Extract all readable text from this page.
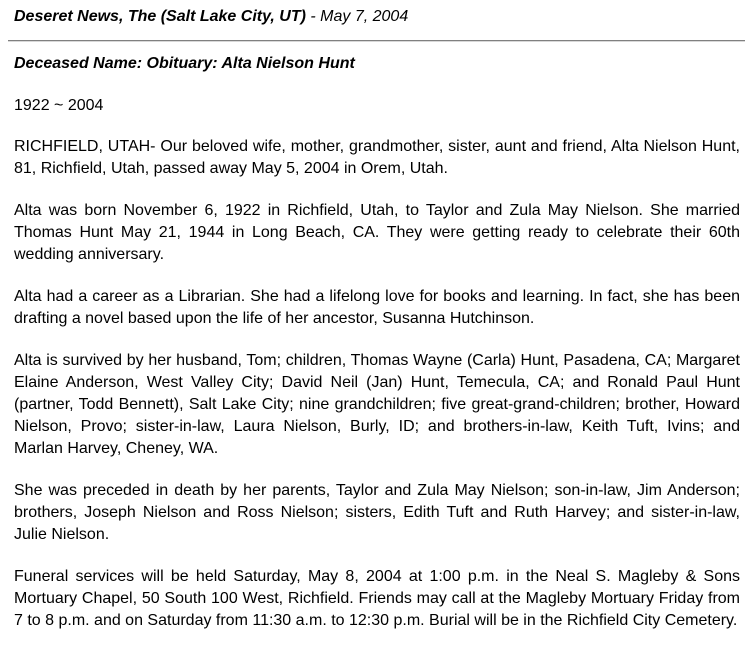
Deseret News, The (Salt Lake City, UT) - May 7, 2004

Deceased Name: Obituary: Alta Nielson Hunt

1922 ~ 2004

RICHFIELD, UTAH- Our beloved wife, mother, grandmother, sister, aunt and friend, Alta Nielson Hunt, 81, Richfield, Utah, passed away May 5, 2004 in Orem, Utah.

Alta was born November 6, 1922 in Richfield, Utah, to Taylor and Zula May Nielson. She married Thomas Hunt May 21, 1944 in Long Beach, CA. They were getting ready to celebrate their 60th wedding anniversary.

Alta had a career as a Librarian. She had a lifelong love for books and learning. In fact, she has been drafting a novel based upon the life of her ancestor, Susanna Hutchinson.

Alta is survived by her husband, Tom; children, Thomas Wayne (Carla) Hunt, Pasadena, CA; Margaret Elaine Anderson, West Valley City; David Neil (Jan) Hunt, Temecula, CA; and Ronald Paul Hunt (partner, Todd Bennett), Salt Lake City; nine grandchildren; five great-grand-children; brother, Howard Nielson, Provo; sister-in-law, Laura Nielson, Burly, ID; and brothers-in-law, Keith Tuft, Ivins; and Marlan Harvey, Cheney, WA.

She was preceded in death by her parents, Taylor and Zula May Nielson; son-in-law, Jim Anderson; brothers, Joseph Nielson and Ross Nielson; sisters, Edith Tuft and Ruth Harvey; and sister-in-law, Julie Nielson.

Funeral services will be held Saturday, May 8, 2004 at 1:00 p.m. in the Neal S. Magleby & Sons Mortuary Chapel, 50 South 100 West, Richfield. Friends may call at the Magleby Mortuary Friday from 7 to 8 p.m. and on Saturday from 11:30 a.m. to 12:30 p.m. Burial will be in the Richfield City Cemetery.
